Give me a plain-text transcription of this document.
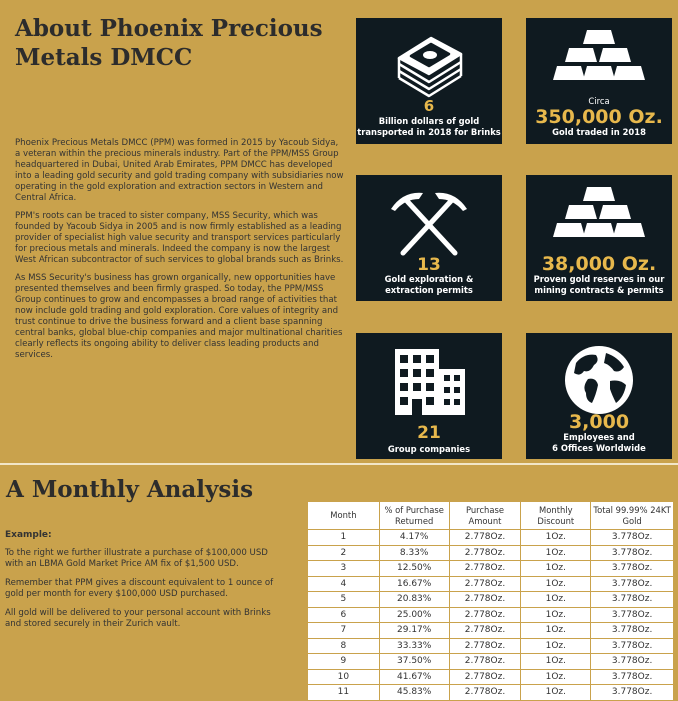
About Phoenix Precious Metals DMCC

Phoenix Precious Metals DMCC (PPM) was formed in 2015 by Yacoub Sidya, a veteran within the precious minerals industry. Part of the PPM/MSS Group headquartered in Dubai, United Arab Emirates, PPM DMCC has developed into a leading gold security and gold trading company with subsidiaries now operating in the gold exploration and extraction sectors in Western and Central Africa.

PPM's roots can be traced to sister company, MSS Security, which was founded by Yacoub Sidya in 2005 and is now firmly established as a leading provider of specialist high value security and transport services particularly for precious metals and minerals. Indeed the company is now the largest West African subcontractor of such services to global brands such as Brinks.

As MSS Security's business has grown organically, new opportunities have presented themselves and been firmly grasped. So today, the PPM/MSS Group continues to grow and encompasses a broad range of activities that now include gold trading and gold exploration. Core values of integrity and trust continue to drive the business forward and a client base spanning central banks, global blue-chip companies and major multinational charities clearly reflects its ongoing ability to deliver class leading products and services.

6
Billion dollars of gold
transported in 2018 for Brinks
Circa
350,000 Oz.
Gold traded in 2018
13
Gold exploration &
extraction permits
38,000 Oz.
Proven gold reserves in our
mining contracts & permits
21
Group companies
3,000
Employees and
6 Offices Worldwide
A Monthly Analysis
Example:

To the right we further illustrate a purchase of $100,000 USD with an LBMA Gold Market Price AM fix of $1,500 USD.

Remember that PPM gives a discount equivalent to 1 ounce of gold per month for every $100,000 USD purchased.

All gold will be delivered to your personal account with Brinks and stored securely in their Zurich vault.

Month	% of Purchase Returned	Purchase Amount	Monthly Discount	Total 99.99% 24KT Gold
1	4.17%	2.778Oz.	1Oz.	3.778Oz.
2	8.33%	2.778Oz.	1Oz.	3.778Oz.
3	12.50%	2.778Oz.	1Oz.	3.778Oz.
4	16.67%	2.778Oz.	1Oz.	3.778Oz.
5	20.83%	2.778Oz.	1Oz.	3.778Oz.
6	25.00%	2.778Oz.	1Oz.	3.778Oz.
7	29.17%	2.778Oz.	1Oz.	3.778Oz.
8	33.33%	2.778Oz.	1Oz.	3.778Oz.
9	37.50%	2.778Oz.	1Oz.	3.778Oz.
10	41.67%	2.778Oz.	1Oz.	3.778Oz.
11	45.83%	2.778Oz.	1Oz.	3.778Oz.
